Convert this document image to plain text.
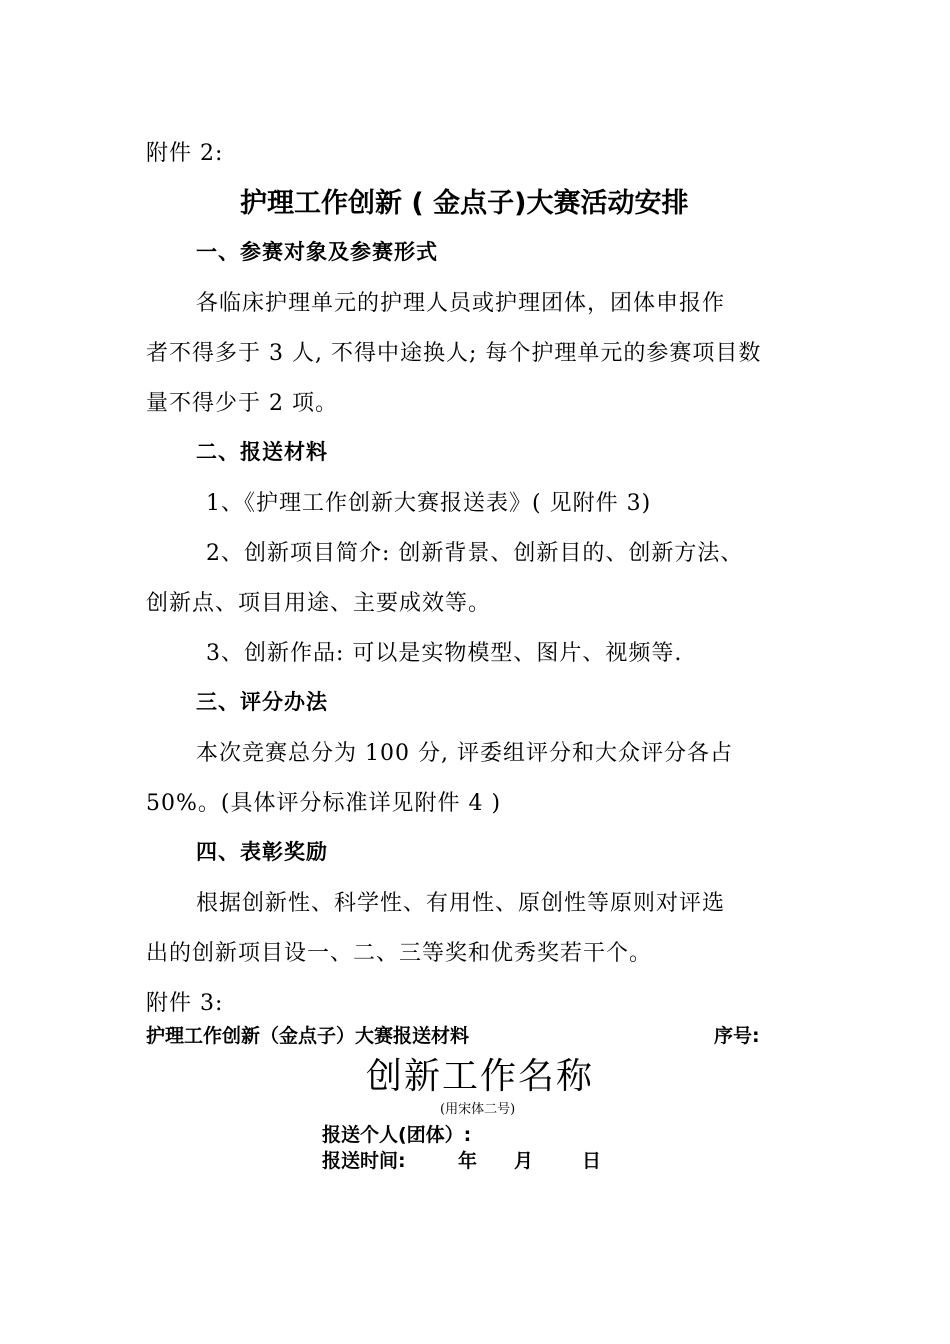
附件 2:
护理工作创新 ( 金点子)大赛活动安排
一、参赛对象及参赛形式
各临床护理单元的护理人员或护理团体，团体申报作
者不得多于 3 人, 不得中途换人; 每个护理单元的参赛项目数
量不得少于 2 项。
二、报送材料
1、《护理工作创新大赛报送表》( 见附件 3)
2、创新项目简介: 创新背景、创新目的、创新方法、
创新点、项目用途、主要成效等。
3、创新作品: 可以是实物模型、图片、视频等.
三、评分办法
本次竞赛总分为 100 分, 评委组评分和大众评分各占
50%。(具体评分标准详见附件 4 )
四、表彰奖励
根据创新性、科学性、有用性、原创性等原则对评选
出的创新项目设一、二、三等奖和优秀奖若干个。
附件 3:
护理工作创新（金点子）大赛报送材料	序号:
创新工作名称
(用宋体二号)
报送个人(团体）:
报送时间:	年 月	日
